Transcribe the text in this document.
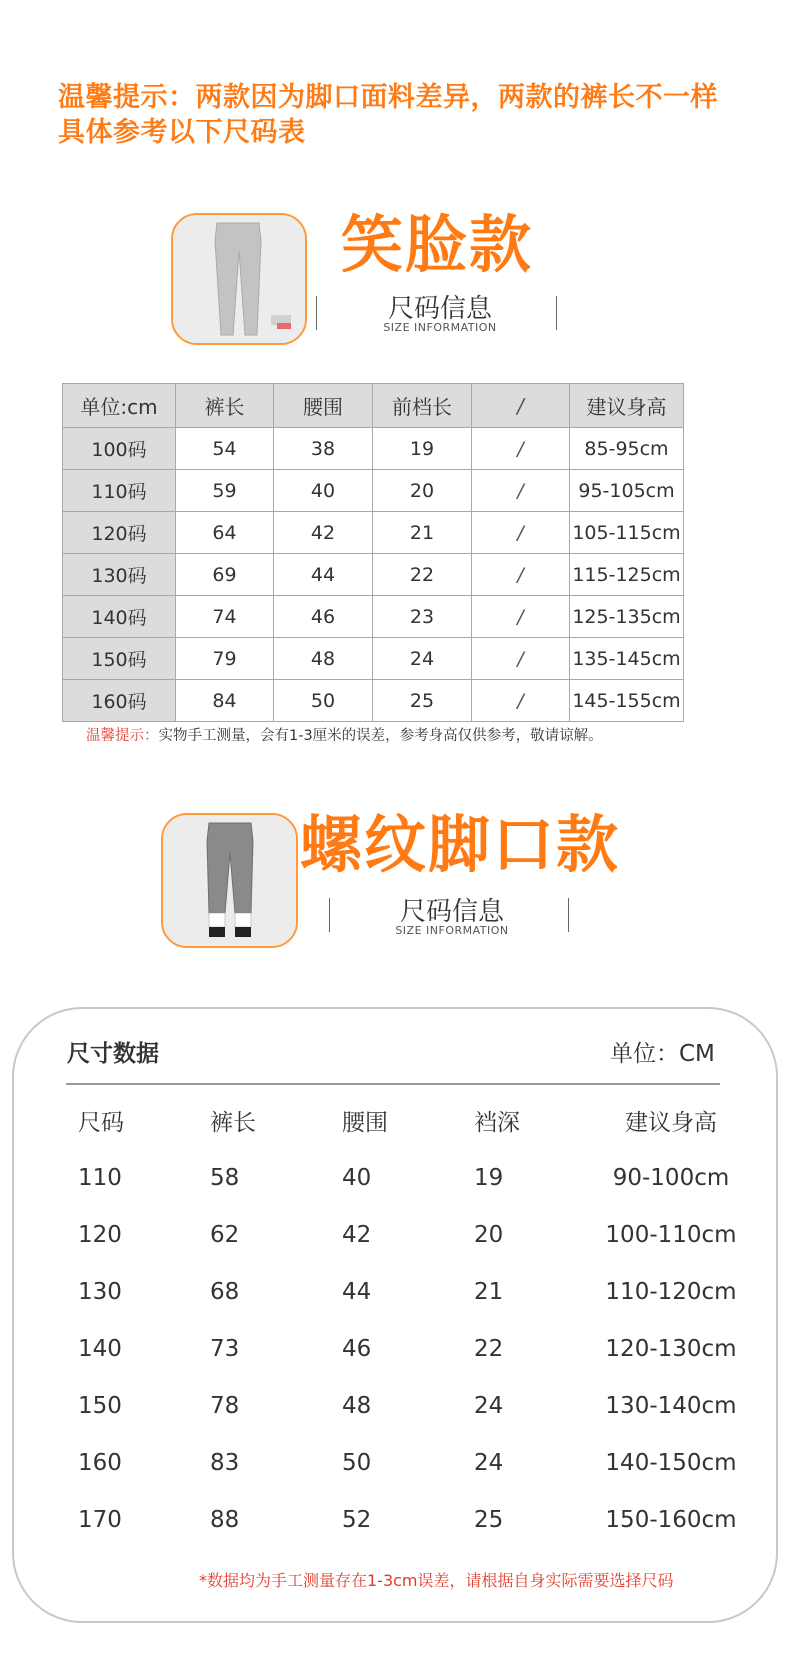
温馨提示：两款因为脚口面料差异，两款的裤长不一样
具体参考以下尺码表
笑脸款
尺码信息
SIZE INFORMATION
单位:cm	裤长	腰围	前档长	/	建议身高
100码	54	38	19	/	85-95cm
110码	59	40	20	/	95-105cm
120码	64	42	21	/	105-115cm
130码	69	44	22	/	115-125cm
140码	74	46	23	/	125-135cm
150码	79	48	24	/	135-145cm
160码	84	50	25	/	145-155cm
温馨提示：实物手工测量，会有1-3厘米的误差，参考身高仅供参考，敬请谅解。
螺纹脚口款
尺码信息
SIZE INFORMATION
尺寸数据	单位：CM
尺码	裤长	腰围	裆深	建议身高
110	58	40	19	90-100cm
120	62	42	20	100-110cm
130	68	44	21	110-120cm
140	73	46	22	120-130cm
150	78	48	24	130-140cm
160	83	50	24	140-150cm
170	88	52	25	150-160cm
*数据均为手工测量存在1-3cm误差，请根据自身实际需要选择尺码
